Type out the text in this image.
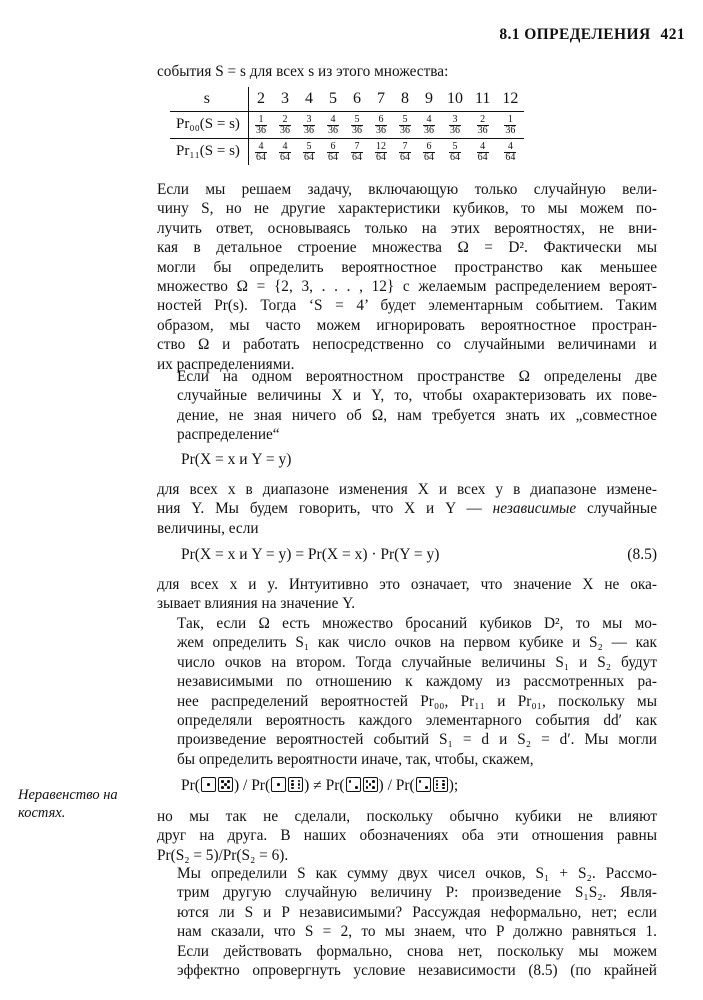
8.1 ОПРЕДЕЛЕНИЯ 421

события S = s для всех s из этого множества:

s	2	3	4	5	6	7	8	9	10	11	12
Pr₀₀(S = s)	$\frac{1}{36}$	$\frac{2}{36}$	$\frac{3}{36}$	$\frac{4}{36}$	$\frac{5}{36}$	$\frac{6}{36}$	$\frac{5}{36}$	$\frac{4}{36}$	$\frac{3}{36}$	$\frac{2}{36}$	$\frac{1}{36}$

Pr₁₁(S = s)	$\frac{4}{64}$	$\frac{4}{64}$	$\frac{5}{64}$	$\frac{6}{64}$	$\frac{7}{64}$	$\frac{12}{64}$	$\frac{7}{64}$	$\frac{6}{64}$	$\frac{5}{64}$	$\frac{4}{64}$	$\frac{4}{64}$

Если мы решаем задачу, включающую только случайную вели-
чину S, но не другие характеристики кубиков, то мы можем по-
лучить ответ, основываясь только на этих вероятностях, не вни-
кая в детальное строение множества Ω = D². Фактически мы
могли бы определить вероятностное пространство как меньшее
множество Ω = {2, 3, . . . , 12} с желаемым распределением вероят-
ностей Pr(s). Тогда ‘S = 4’ будет элементарным событием. Таким
образом, мы часто можем игнорировать вероятностное простран-
ство Ω и работать непосредственно со случайными величинами и
их распределениями.

Если на одном вероятностном пространстве Ω определены две
случайные величины X и Y, то, чтобы охарактеризовать их пове-
дение, не зная ничего об Ω, нам требуется знать их „совместное
распределение“

Pr(X = x и Y = y)

для всех x в диапазоне изменения X и всех y в диапазоне измене-
ния Y. Мы будем говорить, что X и Y — независимые случайные
величины, если

Pr(X = x и Y = y) = Pr(X = x) · Pr(Y = y)	(8.5)

для всех x и y. Интуитивно это означает, что значение X не ока-
зывает влияния на значение Y.

Так, если Ω есть множество бросаний кубиков D², то мы мо-
жем определить S₁ как число очков на первом кубике и S₂ — как
число очков на втором. Тогда случайные величины S₁ и S₂ будут
независимыми по отношению к каждому из рассмотренных ра-
нее распределений вероятностей Pr₀₀, Pr₁₁ и Pr₀₁, поскольку мы
определяли вероятность каждого элементарного события dd′ как
произведение вероятностей событий S₁ = d и S₂ = d′. Мы могли
бы определить вероятности иначе, так, чтобы, скажем,

Pr( ) / Pr( ) ≠ Pr( ) / Pr( );
Неравенство на костях.	но мы так не сделали, поскольку обычно кубики не влияют
друг на друга. В наших обозначениях оба эти отношения равны
Pr(S₂ = 5)/Pr(S₂ = 6).

Мы определили S как сумму двух чисел очков, S₁ + S₂. Рассмо-
трим другую случайную величину P: произведение S₁S₂. Явля-
ются ли S и P независимыми? Рассуждая неформально, нет; если
нам сказали, что S = 2, то мы знаем, что P должно равняться 1.
Если действовать формально, снова нет, поскольку мы можем
эффектно опровергнуть условие независимости (8.5) (по крайней
